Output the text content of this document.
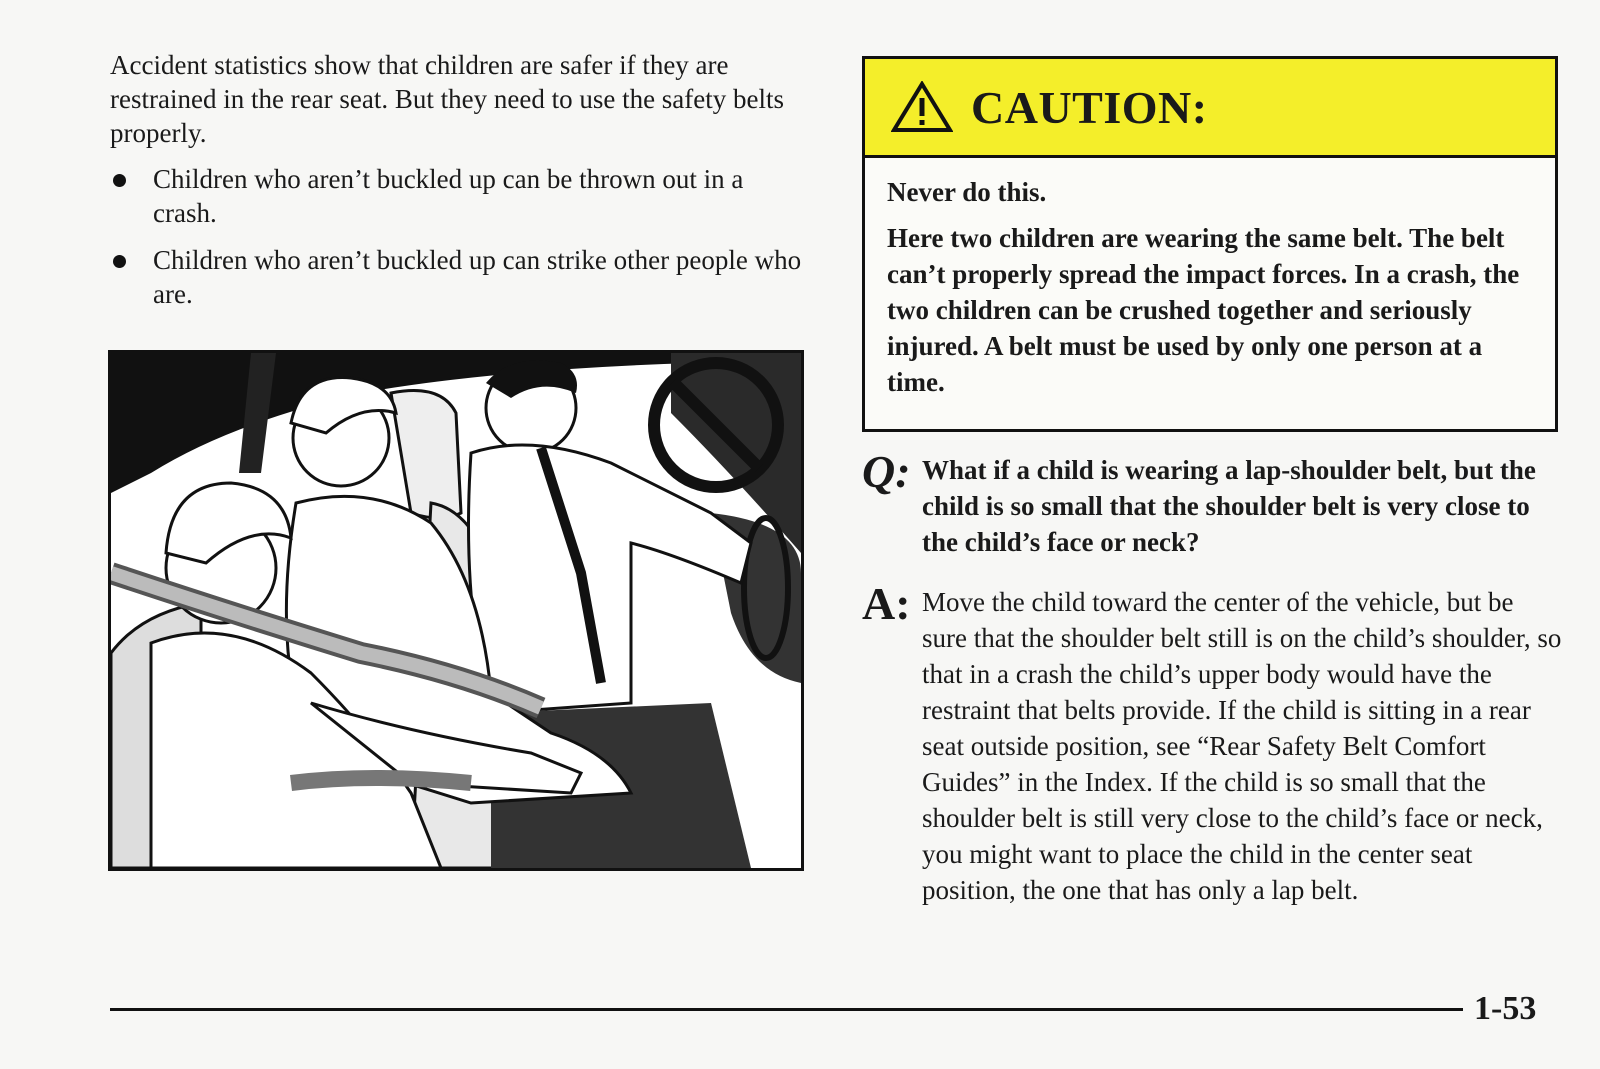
Accident statistics show that children are safer if they are restrained in the rear seat. But they need to use the safety belts properly.

Children who aren’t buckled up can be thrown out in a crash.
Children who aren’t buckled up can strike other people who are.
CAUTION:

Never do this.

Here two children are wearing the same belt. The belt can’t properly spread the impact forces. In a crash, the two children can be crushed together and seriously injured. A belt must be used by only one person at a time.

Q: What if a child is wearing a lap-shoulder belt, but the child is so small that the shoulder belt is very close to the child’s face or neck?
A: Move the child toward the center of the vehicle, but be sure that the shoulder belt still is on the child’s shoulder, so that in a crash the child’s upper body would have the restraint that belts provide. If the child is sitting in a rear seat outside position, see “Rear Safety Belt Comfort Guides” in the Index. If the child is so small that the shoulder belt is still very close to the child’s face or neck, you might want to place the child in the center seat position, the one that has only a lap belt.
1-53
